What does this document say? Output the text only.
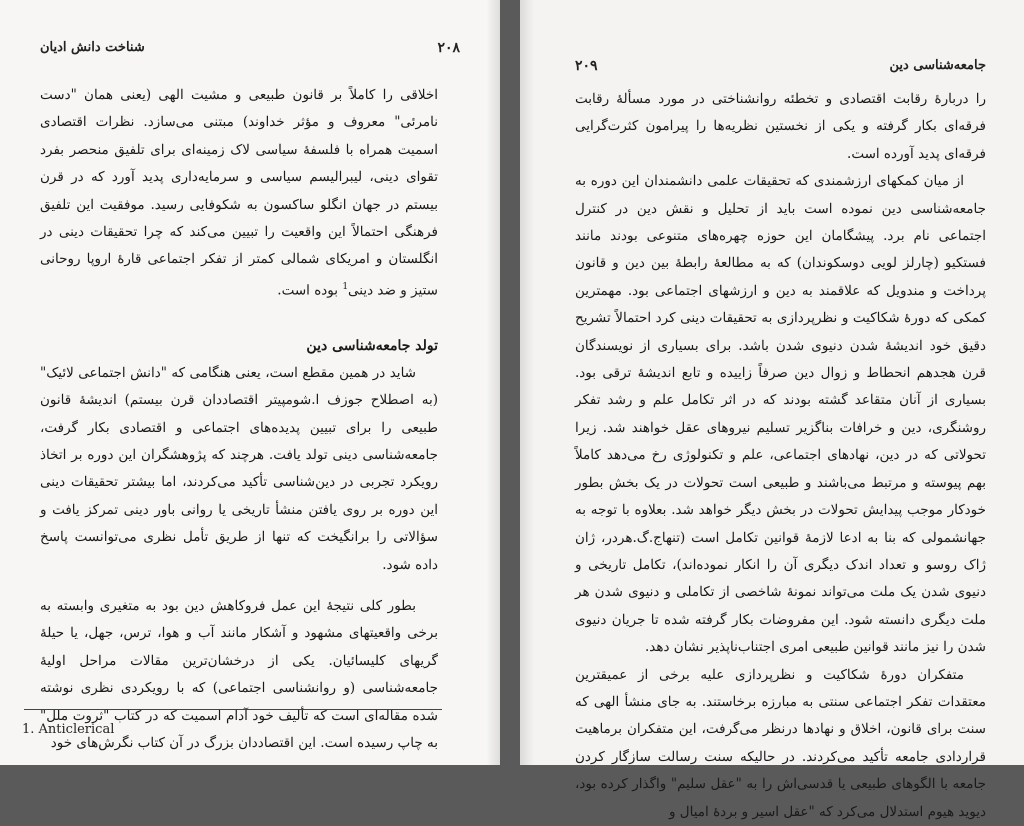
۲۰۸
شناخت دانش ادیان

اخلاقی را کاملاً بر قانون طبیعی و مشیت الهی (یعنی همان "دست نامرئی" معروف و مؤثر خداوند) مبتنی می‌سازد. نظرات اقتصادی اسمیت همراه با فلسفهٔ سیاسی لاک زمینه‌ای برای تلفیق منحصر بفرد تقوای دینی، لیبرالیسم سیاسی و سرمایه‌داری پدید آورد که در قرن بیستم در جهان انگلو ساکسون به شکوفایی رسید. موفقیت این تلفیق فرهنگی احتمالاً این واقعیت را تبیین می‌کند که چرا تحقیقات دینی در انگلستان و امریکای شمالی کمتر از تفکر اجتماعی قارهٔ اروپا روحانی ستیز و ضد دینی$^1$ بوده است.

تولد جامعه‌شناسی دین

شاید در همین مقطع است، یعنی هنگامی که "دانش اجتماعی لائیک" (به اصطلاح جوزف ا.شومپیتر اقتصاددان قرن بیستم) اندیشهٔ قانون طبیعی را برای تبیین پدیده‌های اجتماعی و اقتصادی بکار گرفت، جامعه‌شناسی دینی تولد یافت. هرچند که پژوهشگران این دوره بر اتخاذ رویکرد تجربی در دین‌شناسی تأکید می‌کردند، اما بیشتر تحقیقات دینی این دوره بر روی یافتن منشأ تاریخی یا روانی باور دینی تمرکز یافت و سؤالاتی را برانگیخت که تنها از طریق تأمل نظری می‌توانست پاسخ داده شود.

بطور کلی نتیجهٔ این عمل فروکاهش دین بود به متغیری وابسته به برخی واقعیتهای مشهود و آشکار مانند آب و هوا، ترس، جهل، یا حیلهٔ گریهای کلیسائیان. یکی از درخشان‌ترین مقالات مراحل اولیهٔ جامعه‌شناسی (و روانشناسی اجتماعی) که با رویکردی نظری نوشته شده مقاله‌ای است که تألیف خود آدام اسمیت که در کتاب "ثروت ملل" به چاپ رسیده است. این اقتصاددان بزرگ در آن کتاب نگرش‌های خود

1. Anticlerical
۲۰۹	جامعه‌شناسی دین

را دربارهٔ رقابت اقتصادی و تخطئه روانشناختی در مورد مسألهٔ رقابت فرقه‌ای بکار گرفته و یکی از نخستین نظریه‌ها را پیرامون کثرت‌گرایی فرقه‌ای پدید آورده است.

از میان کمکهای ارزشمندی که تحقیقات علمی دانشمندان این دوره به جامعه‌شناسی دین نموده است باید از تحلیل و نقش دین در کنترل اجتماعی نام برد. پیشگامان این حوزه چهره‌های متنوعی بودند مانند فستکیو (چارلز لویی دوسکوندان) که به مطالعهٔ رابطهٔ بین دین و قانون پرداخت و مندویل که علاقمند به دین و ارزشهای اجتماعی بود. مهمترین کمکی که دورهٔ شکاکیت و نظرپردازی به تحقیقات دینی کرد احتمالاً تشریح دقیق خود اندیشهٔ شدن دنیوی شدن باشد. برای بسیاری از نویسندگان قرن هجدهم انحطاط و زوال دین صرفاً زاییده و تابع اندیشهٔ ترقی بود. بسیاری از آنان متقاعد گشته بودند که در اثر تکامل علم و رشد تفکر روشنگری، دین و خرافات بناگزیر تسلیم نیروهای عقل خواهند شد. زیرا تحولاتی که در دین، نهادهای اجتماعی، علم و تکنولوژی رخ می‌دهد کاملاً بهم پیوسته و مرتبط می‌باشند و طبیعی است تحولات در یک بخش بطور خودکار موجب پیدایش تحولات در بخش دیگر خواهد شد. بعلاوه با توجه به جهانشمولی که بنا به ادعا لازمهٔ قوانین تکامل است (تنهاج.گ.هردر، ژان ژاک روسو و تعداد اندک دیگری آن را انکار نموده‌اند)، تکامل تاریخی و دنیوی شدن یک ملت می‌تواند نمونهٔ شاخصی از تکاملی و دنیوی شدن هر ملت دیگری دانسته شود. این مفروضات بکار گرفته شده تا جریان دنیوی شدن را نیز مانند قوانین طبیعی امری اجتناب‌ناپذیر نشان دهد.

متفکران دورهٔ شکاکیت و نظرپردازی علیه برخی از عمیقترین معتقدات تفکر اجتماعی سنتی به مبارزه برخاستند. به جای منشأ الهی که سنت برای قانون، اخلاق و نهادها درنظر می‌گرفت، این متفکران برماهیت قراردادی جامعه تأکید می‌کردند. در حالیکه سنت رسالت سازگار کردن جامعه با الگوهای طبیعی یا قدسی‌اش را به "عقل سلیم" واگذار کرده بود، دیوید هیوم استدلال می‌کرد که "عقل اسیر و بردهٔ امیال و
